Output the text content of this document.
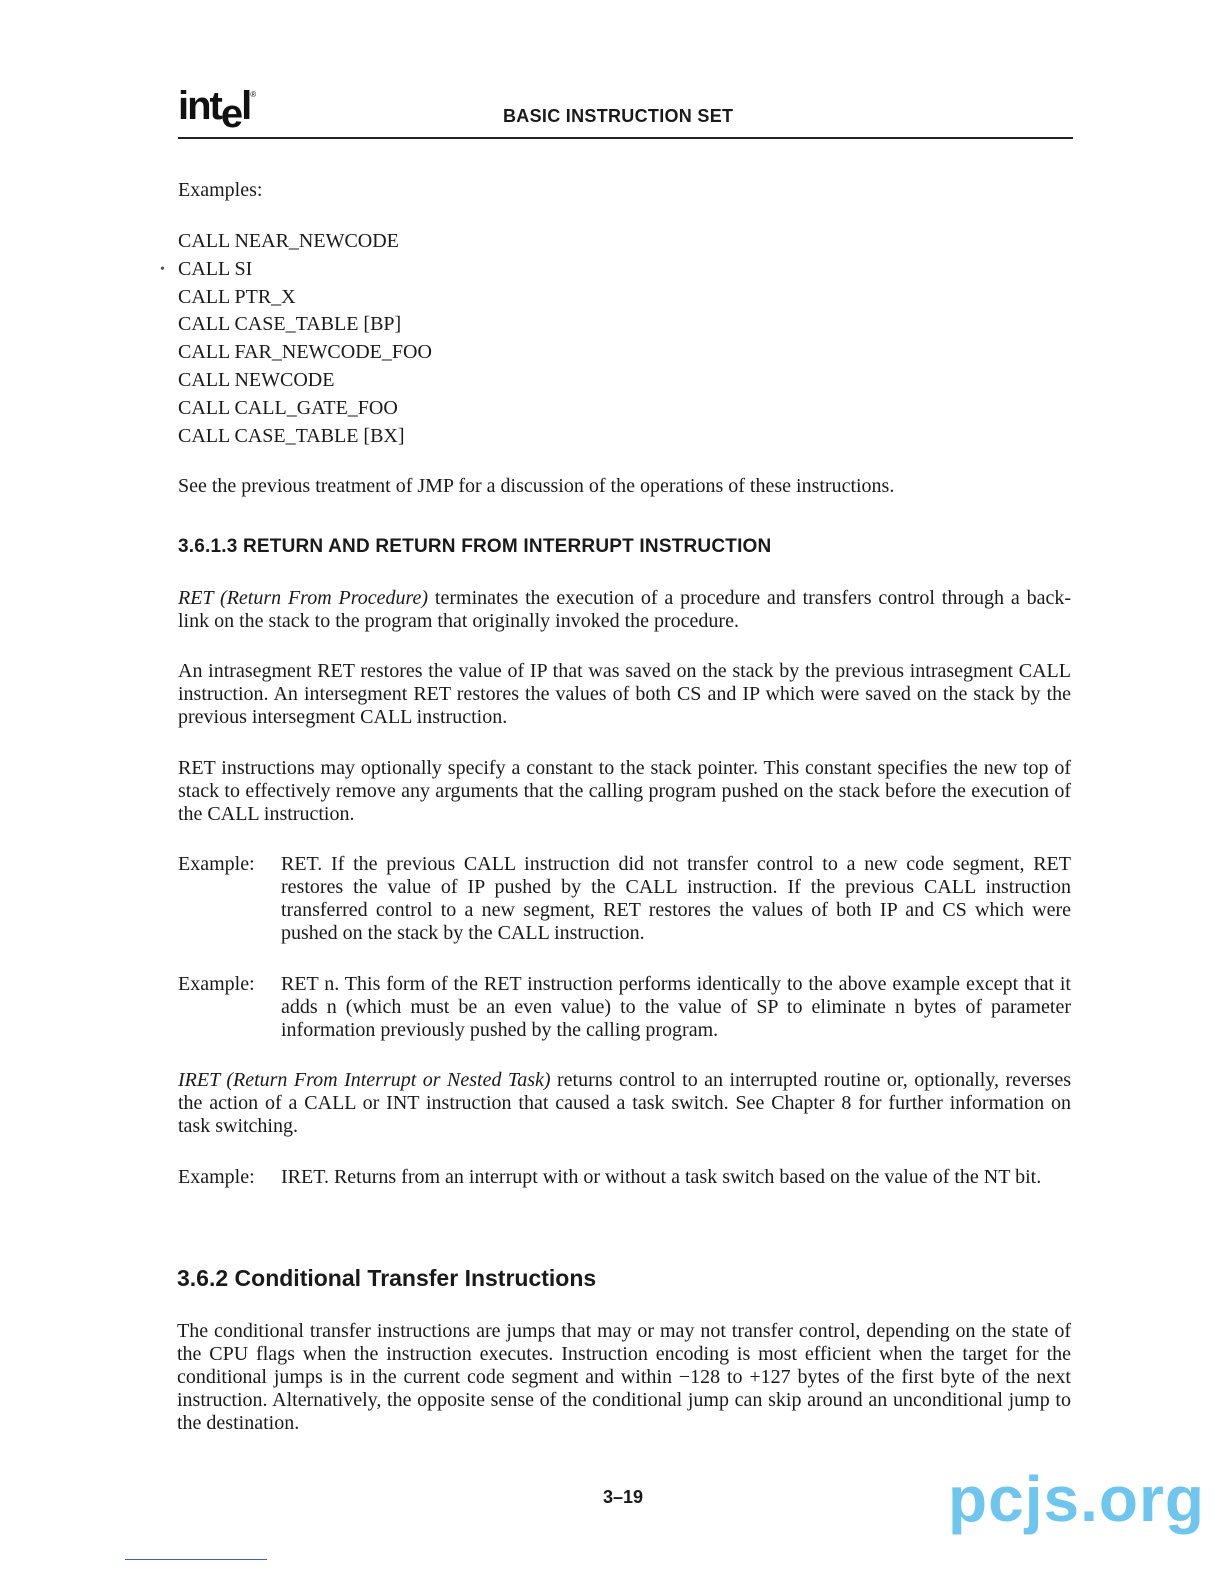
intel®
BASIC INSTRUCTION SET
Examples:
•
CALL NEAR_NEWCODE
CALL SI
CALL PTR_X
CALL CASE_TABLE [BP]
CALL FAR_NEWCODE_FOO
CALL NEWCODE
CALL CALL_GATE_FOO
CALL CASE_TABLE [BX]
See the previous treatment of JMP for a discussion of the operations of these instructions.
3.6.1.3 RETURN AND RETURN FROM INTERRUPT INSTRUCTION
RET (Return From Procedure) terminates the execution of a procedure and transfers control through a back-link on the stack to the program that originally invoked the procedure.
An intrasegment RET restores the value of IP that was saved on the stack by the previous intrasegment CALL instruction. An intersegment RET restores the values of both CS and IP which were saved on the stack by the previous intersegment CALL instruction.
RET instructions may optionally specify a constant to the stack pointer. This constant specifies the new top of stack to effectively remove any arguments that the calling program pushed on the stack before the execution of the CALL instruction.
Example: RET. If the previous CALL instruction did not transfer control to a new code segment, RET restores the value of IP pushed by the CALL instruction. If the previous CALL instruction transferred control to a new segment, RET restores the values of both IP and CS which were pushed on the stack by the CALL instruction.
Example: RET n. This form of the RET instruction performs identically to the above example except that it adds n (which must be an even value) to the value of SP to eliminate n bytes of parameter information previously pushed by the calling program.
IRET (Return From Interrupt or Nested Task) returns control to an interrupted routine or, optionally, reverses the action of a CALL or INT instruction that caused a task switch. See Chapter 8 for further information on task switching.
Example: IRET. Returns from an interrupt with or without a task switch based on the value of the NT bit.
3.6.2 Conditional Transfer Instructions
The conditional transfer instructions are jumps that may or may not transfer control, depending on the state of the CPU flags when the instruction executes. Instruction encoding is most efficient when the target for the conditional jumps is in the current code segment and within −128 to +127 bytes of the first byte of the next instruction. Alternatively, the opposite sense of the conditional jump can skip around an unconditional jump to the destination.
3–19	pcjs.org
